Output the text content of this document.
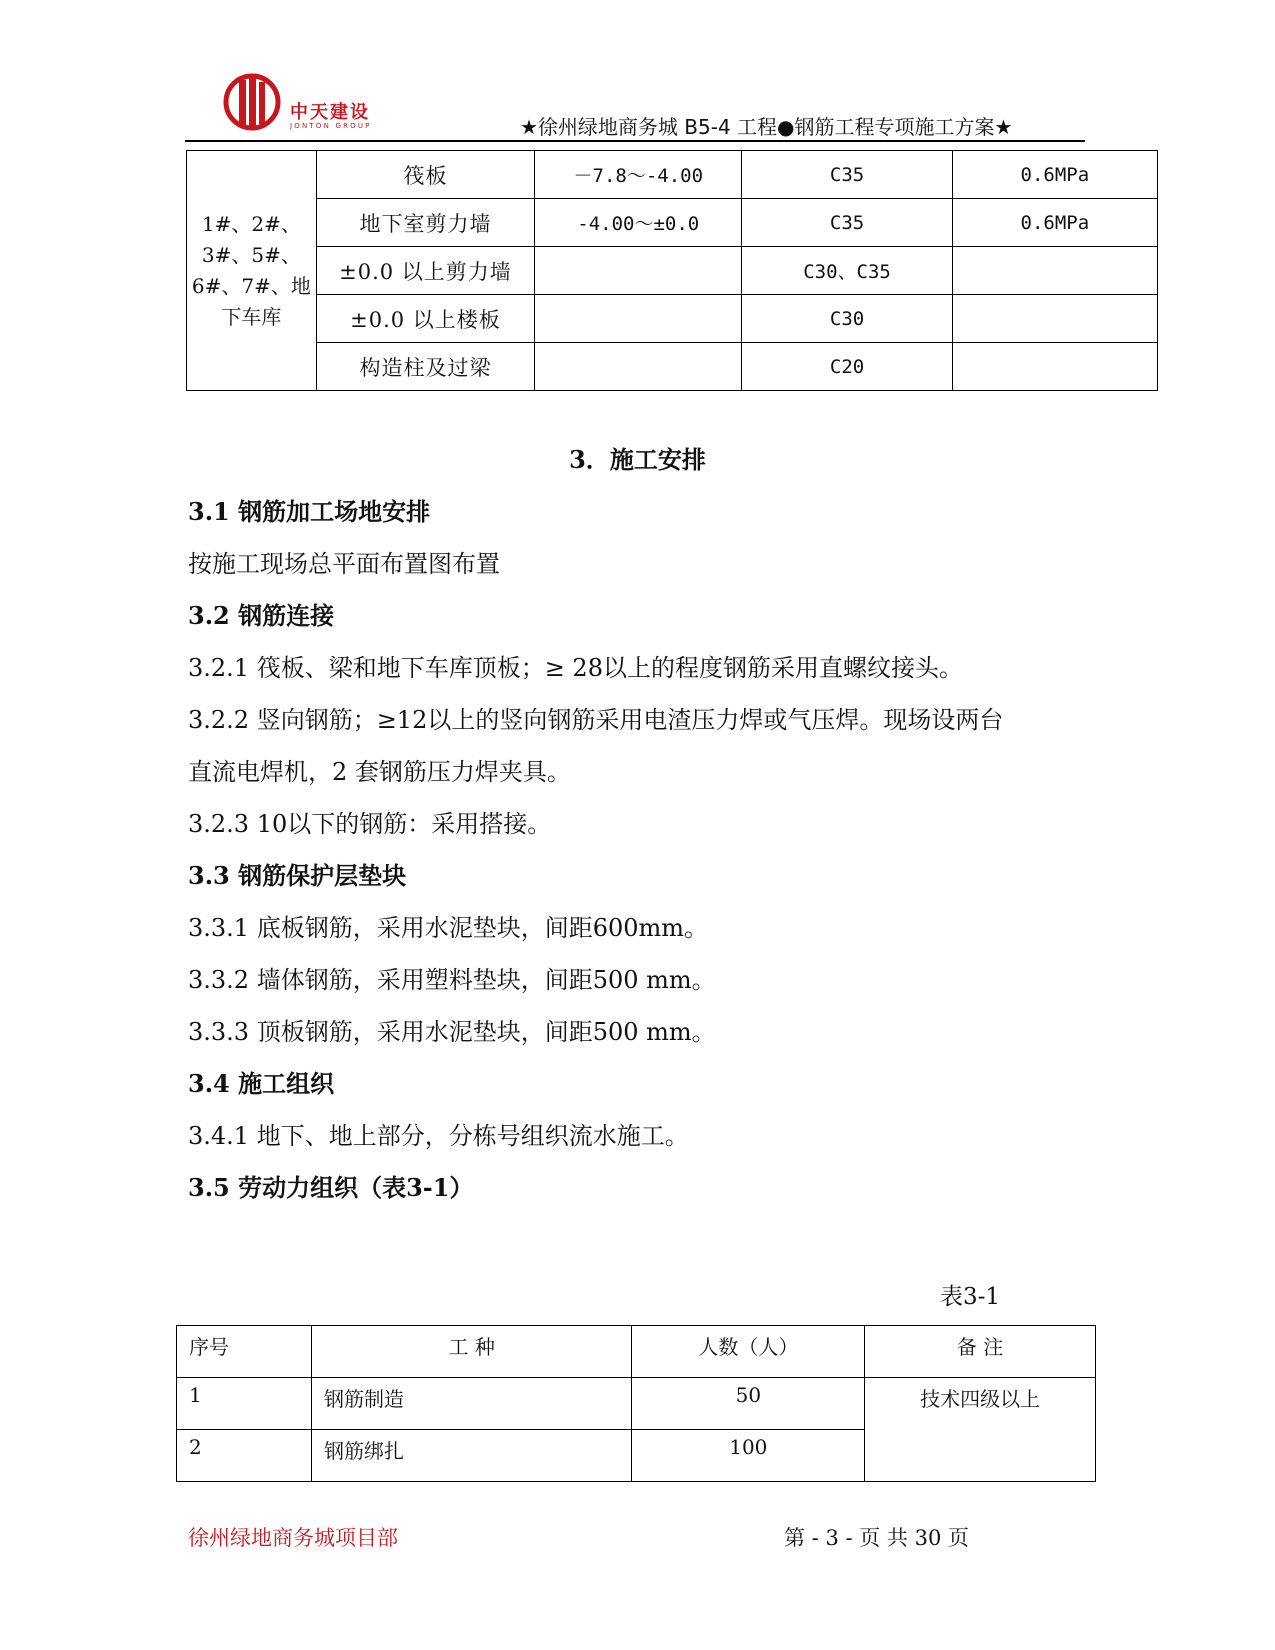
中天建设
JONTON GROUP	★徐州绿地商务城 B5-4 工程●钢筋工程专项施工方案★
1#、2#、3#、5#、6#、7#、地下车库	筏板	－7.8～-4.00	C35	0.6MPa
	地下室剪力墙	-4.00～±0.0	C35	0.6MPa
	±0.0 以上剪力墙		C30、C35	
	±0.0 以上楼板		C30	
	构造柱及过梁		C20	
3．施工安排
3.1 钢筋加工场地安排
按施工现场总平面布置图布置
3.2 钢筋连接
3.2.1 筏板、梁和地下车库顶板；≥ 28以上的程度钢筋采用直螺纹接头。
3.2.2 竖向钢筋；≥12以上的竖向钢筋采用电渣压力焊或气压焊。现场设两台
直流电焊机，2 套钢筋压力焊夹具。
3.2.3 10以下的钢筋：采用搭接。
3.3 钢筋保护层垫块
3.3.1 底板钢筋，采用水泥垫块，间距600mm。
3.3.2 墙体钢筋，采用塑料垫块，间距500 mm。
3.3.3 顶板钢筋，采用水泥垫块，间距500 mm。
3.4 施工组织
3.4.1 地下、地上部分，分栋号组织流水施工。
3.5 劳动力组织（表3-1）
表3-1
序号	工 种	人数（人）	备 注
1	钢筋制造	50	技术四级以上
2	钢筋绑扎	100	
徐州绿地商务城项目部	第 - 3 - 页 共 30 页
